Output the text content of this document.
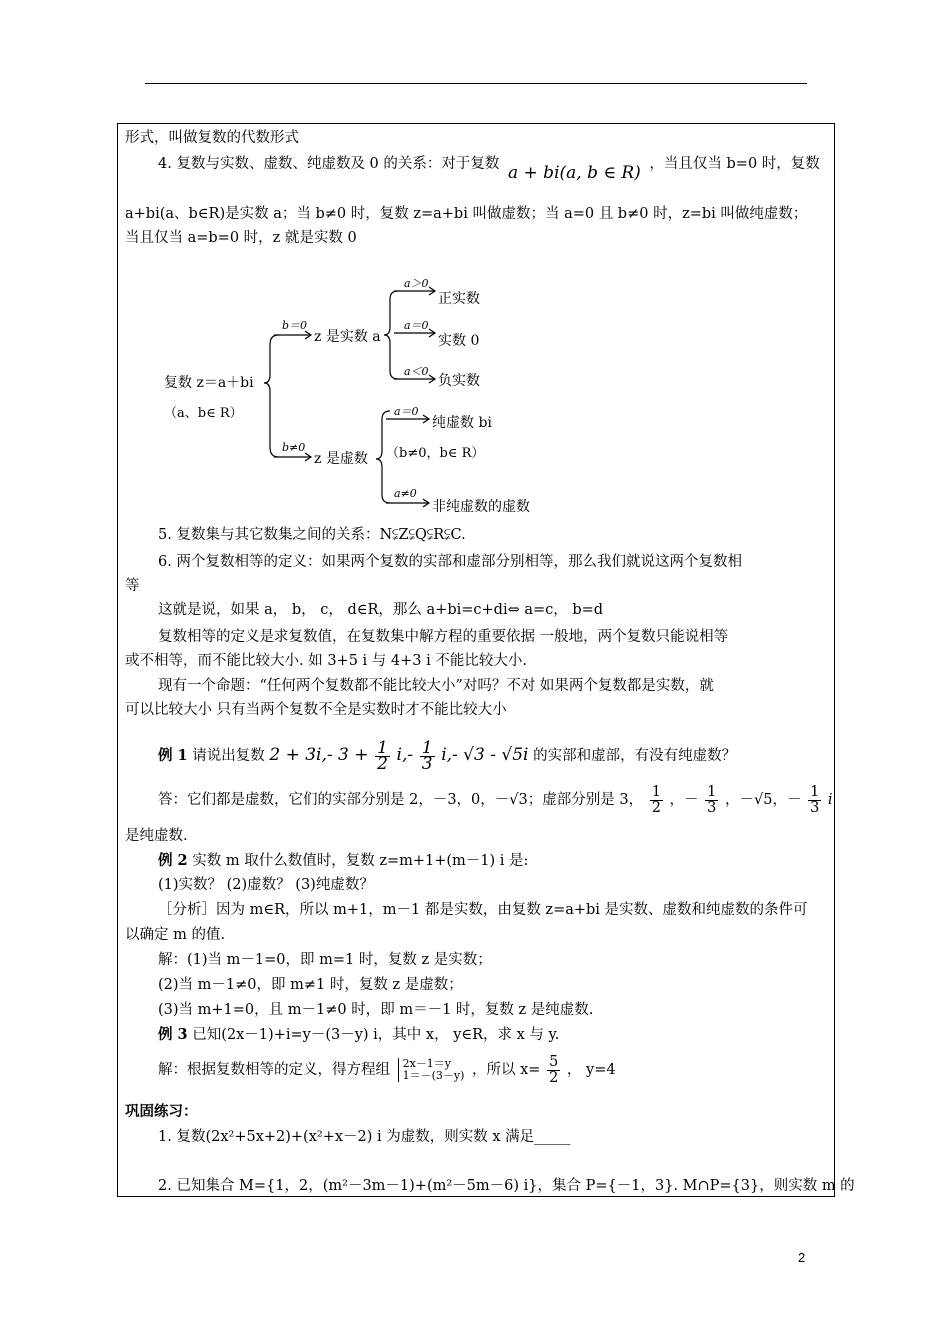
形式，叫做复数的代数形式
4. 复数与实数、虚数、纯虚数及 0 的关系：对于复数 a + bi(a, b ∈ R) ，当且仅当 b=0 时，复数
a+bi(a、b∈R)是实数 a；当 b≠0 时，复数 z=a+bi 叫做虚数；当 a=0 且 b≠0 时，z=bi 叫做纯虚数；
当且仅当 a=b=0 时，z 就是实数 0
复数 z＝a＋bi
（a、b∈ R）
b＝0
b≠0
z 是实数 a
z 是虚数
a＞0
a＝0
a＜0
正实数
实数 0
负实数
a＝0
a≠0
纯虚数 bi
（b≠0，b∈ R）
非纯虚数的虚数
5. 复数集与其它数集之间的关系：N⫋Z⫋Q⫋R⫋C.
6. 两个复数相等的定义：如果两个复数的实部和虚部分别相等，那么我们就说这两个复数相
等
这就是说，如果 a， b， c， d∈R，那么 a+bi=c+di⇔ a=c， b=d
复数相等的定义是求复数值，在复数集中解方程的重要依据 一般地，两个复数只能说相等
或不相等，而不能比较大小. 如 3+5 i 与 4+3 i 不能比较大小.
现有一个命题：“任何两个复数都不能比较大小”对吗？不对 如果两个复数都是实数，就
可以比较大小 只有当两个复数不全是实数时才不能比较大小
例 1 请说出复数 2 + 3i,- $3 + \frac{1}{2} i,- \frac{1}{3} i,-$ √3 - √5i 的实部和虚部，有没有纯虚数？
答：它们都是虚数，它们的实部分别是 2，－3，0，－√3；虚部分别是 3， $\frac{1}{2}$ ，－ $\frac{1}{3}$ ，－√5，－ $\frac{1}{3}$ i
是纯虚数.
例 2 实数 m 取什么数值时，复数 z=m+1+(m－1) i 是:
(1)实数？ (2)虚数？ (3)纯虚数？
［分析］因为 m∈R，所以 m+1，m－1 都是实数，由复数 z=a+bi 是实数、虚数和纯虚数的条件可
以确定 m 的值.
解：(1)当 m－1=0，即 m=1 时，复数 z 是实数；
(2)当 m－1≠0，即 m≠1 时，复数 z 是虚数；
(3)当 m+1=0，且 m－1≠0 时，即 m＝－1 时，复数 z 是纯虚数.
例 3 已知(2x－1)+i=y－(3－y) i，其中 x， y∈R，求 x 与 y.
解：根据复数相等的定义，得方程组 2x－1＝y
1＝－(3－y) ，所以 $x= \frac{5}{2}$ ， y=4
巩固练习：
1. 复数(2x²+5x+2)+(x²+x－2) i 为虚数，则实数 x 满足_____
2. 已知集合 M={1，2，(m²－3m－1)+(m²－5m－6) i}，集合 P={－1，3}. M∩P={3}，则实数 m 的
2
